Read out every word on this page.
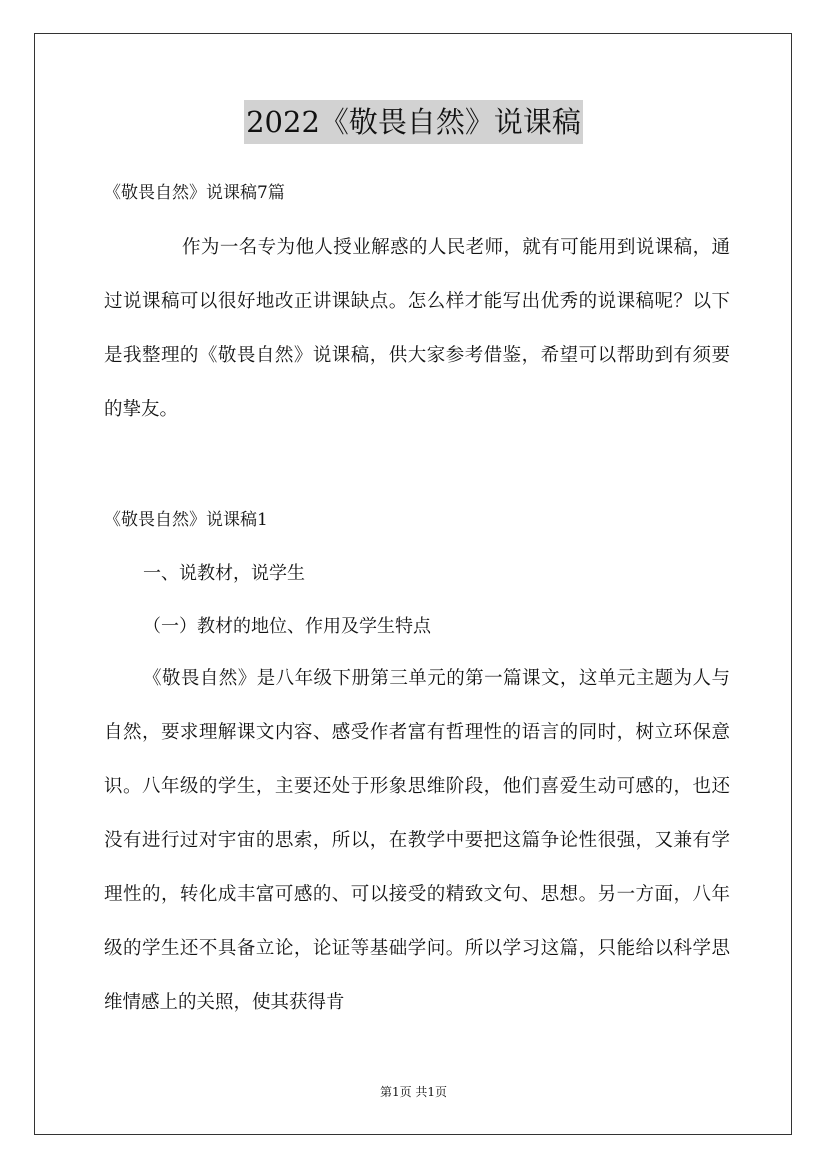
2022《敬畏自然》说课稿
《敬畏自然》说课稿7篇

作为一名专为他人授业解惑的人民老师，就有可能用到说课稿，通过说课稿可以很好地改正讲课缺点。怎么样才能写出优秀的说课稿呢？以下是我整理的《敬畏自然》说课稿，供大家参考借鉴，希望可以帮助到有须要的挚友。

《敬畏自然》说课稿1
一、说教材，说学生
（一）教材的地位、作用及学生特点

《敬畏自然》是八年级下册第三单元的第一篇课文，这单元主题为人与自然，要求理解课文内容、感受作者富有哲理性的语言的同时，树立环保意识。八年级的学生，主要还处于形象思维阶段，他们喜爱生动可感的，也还没有进行过对宇宙的思索，所以，在教学中要把这篇争论性很强，又兼有学理性的，转化成丰富可感的、可以接受的精致文句、思想。另一方面，八年级的学生还不具备立论，论证等基础学问。所以学习这篇，只能给以科学思维情感上的关照，使其获得肯

第1页 共1页
